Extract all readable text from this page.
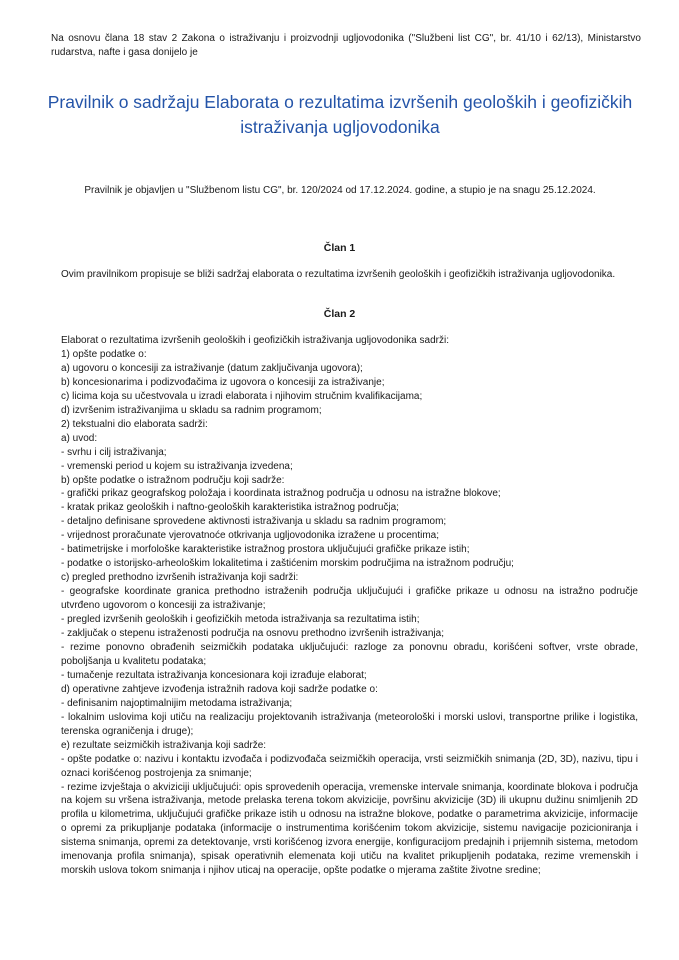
Na osnovu člana 18 stav 2 Zakona o istraživanju i proizvodnji ugljovodonika ("Službeni list CG", br. 41/10 i 62/13), Ministarstvo rudarstva, nafte i gasa donijelo je
Pravilnik o sadržaju Elaborata o rezultatima izvršenih geoloških i geofizičkih istraživanja ugljovodonika
Pravilnik je objavljen u "Službenom listu CG", br. 120/2024 od 17.12.2024. godine, a stupio je na snagu 25.12.2024.
Član 1
Ovim pravilnikom propisuje se bliži sadržaj elaborata o rezultatima izvršenih geoloških i geofizičkih istraživanja ugljovodonika.
Član 2
Elaborat o rezultatima izvršenih geoloških i geofizičkih istraživanja ugljovodonika sadrži:
1) opšte podatke o:
a) ugovoru o koncesiji za istraživanje (datum zaključivanja ugovora);
b) koncesionarima i podizvođačima iz ugovora o koncesiji za istraživanje;
c) licima koja su učestvovala u izradi elaborata i njihovim stručnim kvalifikacijama;
d) izvršenim istraživanjima u skladu sa radnim programom;
2) tekstualni dio elaborata sadrži:
a) uvod:
- svrhu i cilj istraživanja;
- vremenski period u kojem su istraživanja izvedena;
b) opšte podatke o istražnom području koji sadrže:
- grafički prikaz geografskog položaja i koordinata istražnog područja u odnosu na istražne blokove;
- kratak prikaz geoloških i naftno-geoloških karakteristika istražnog područja;
- detaljno definisane sprovedene aktivnosti istraživanja u skladu sa radnim programom;
- vrijednost proračunate vjerovatnoće otkrivanja ugljovodonika izražene u procentima;
- batimetrijske i morfološke karakteristike istražnog prostora uključujući grafičke prikaze istih;
- podatke o istorijsko-arheološkim lokalitetima i zaštićenim morskim područjima na istražnom području;
c) pregled prethodno izvršenih istraživanja koji sadrži:
- geografske koordinate granica prethodno istraženih područja uključujući i grafičke prikaze u odnosu na istražno područje utvrđeno ugovorom o koncesiji za istraživanje;
- pregled izvršenih geoloških i geofizičkih metoda istraživanja sa rezultatima istih;
- zaključak o stepenu istraženosti područja na osnovu prethodno izvršenih istraživanja;
- rezime ponovno obrađenih seizmičkih podataka uključujući: razloge za ponovnu obradu, korišćeni softver, vrste obrade, poboljšanja u kvalitetu podataka;
- tumačenje rezultata istraživanja koncesionara koji izrađuje elaborat;
d) operativne zahtjeve izvođenja istražnih radova koji sadrže podatke o:
- definisanim najoptimalnijim metodama istraživanja;
- lokalnim uslovima koji utiču na realizaciju projektovanih istraživanja (meteorološki i morski uslovi, transportne prilike i logistika, terenska ograničenja i druge);
e) rezultate seizmičkih istraživanja koji sadrže:
- opšte podatke o: nazivu i kontaktu izvođača i podizvođača seizmičkih operacija, vrsti seizmičkih snimanja (2D, 3D), nazivu, tipu i oznaci korišćenog postrojenja za snimanje;
- rezime izvještaja o akviziciji uključujući: opis sprovedenih operacija, vremenske intervale snimanja, koordinate blokova i područja na kojem su vršena istraživanja, metode prelaska terena tokom akvizicije, površinu akvizicije (3D) ili ukupnu dužinu snimljenih 2D profila u kilometrima, uključujući grafičke prikaze istih u odnosu na istražne blokove, podatke o parametrima akvizicije, informacije o opremi za prikupljanje podataka (informacije o instrumentima korišćenim tokom akvizicije, sistemu navigacije pozicioniranja i sistema snimanja, opremi za detektovanje, vrsti korišćenog izvora energije, konfiguracijom predajnih i prijemnih sistema, metodom imenovanja profila snimanja), spisak operativnih elemenata koji utiču na kvalitet prikupljenih podataka, rezime vremenskih i morskih uslova tokom snimanja i njihov uticaj na operacije, opšte podatke o mjerama zaštite životne sredine;
